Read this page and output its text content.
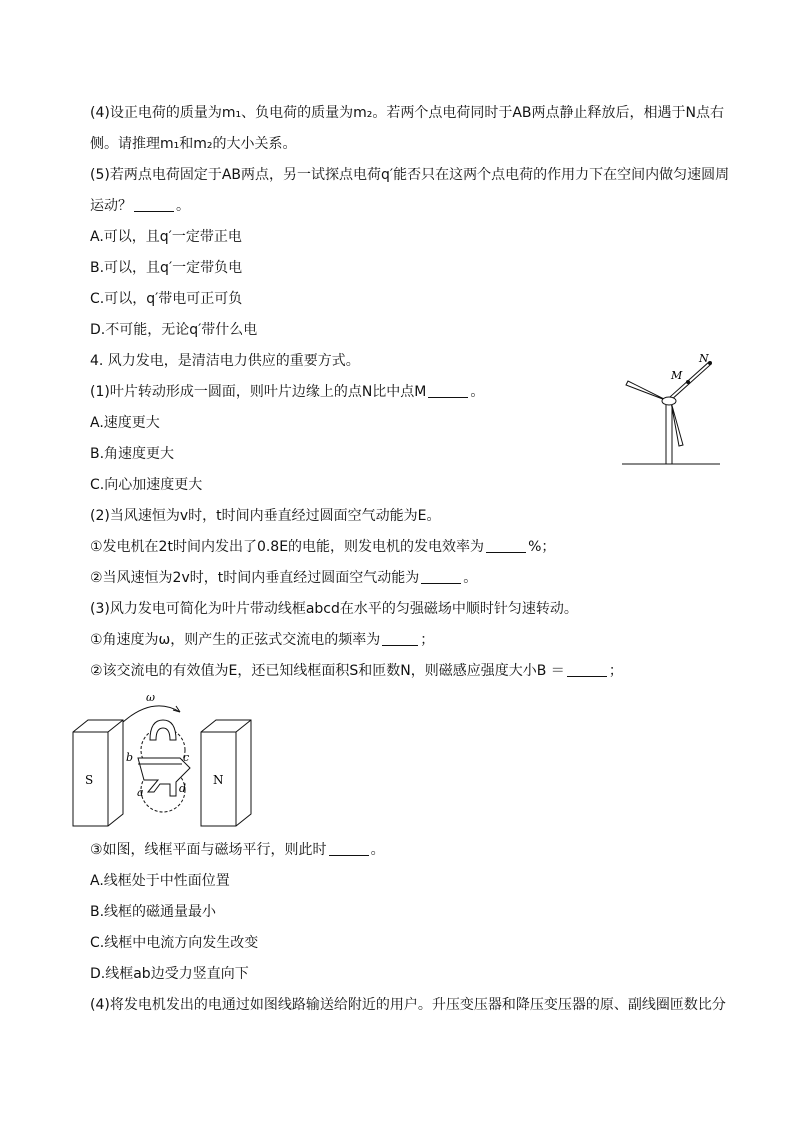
(4)设正电荷的质量为m₁、负电荷的质量为m₂。若两个点电荷同时于AB两点静止释放后，相遇于N点右
侧。请推理m₁和m₂的大小关系。
(5)若两点电荷固定于AB两点，另一试探点电荷q′能否只在这两个点电荷的作用力下在空间内做匀速圆周
运动？	。
A.可以，且q′一定带正电
B.可以，且q′一定带负电
C.可以，q′带电可正可负
D.不可能，无论q′带什么电
4. 风力发电，是清洁电力供应的重要方式。
(1)叶片转动形成一圆面，则叶片边缘上的点N比中点M	。
A.速度更大
B.角速度更大
C.向心加速度更大
(2)当风速恒为v时，t时间内垂直经过圆面空气动能为E。
①发电机在2t时间内发出了0.8E的电能，则发电机的发电效率为	%；
②当风速恒为2v时，t时间内垂直经过圆面空气动能为	。
(3)风力发电可简化为叶片带动线框abcd在水平的匀强磁场中顺时针匀速转动。
①角速度为ω，则产生的正弦式交流电的频率为	；
②该交流电的有效值为E，还已知线框面积S和匝数N，则磁感应强度大小B ＝	；
③如图，线框平面与磁场平行，则此时	。
A.线框处于中性面位置
B.线框的磁通量最小
C.线框中电流方向发生改变
D.线框ab边受力竖直向下
(4)将发电机发出的电通过如图线路输送给附近的用户。升压变压器和降压变压器的原、副线圈匝数比分
M
N
ω
S	N
b	c
a	d
